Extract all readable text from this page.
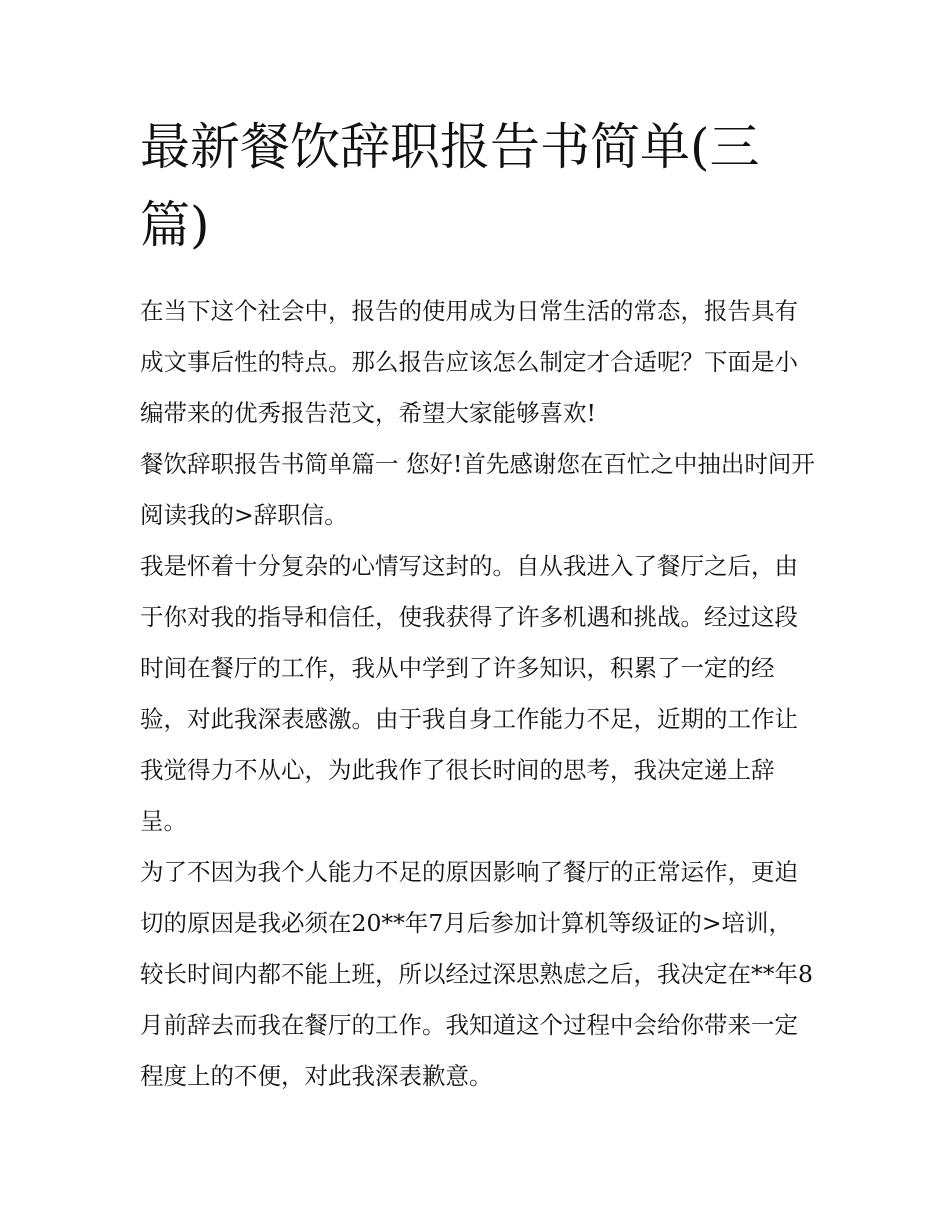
最新餐饮辞职报告书简单(三
篇)

在当下这个社会中，报告的使用成为日常生活的常态，报告具有成文事后性的特点。那么报告应该怎么制定才合适呢？下面是小编带来的优秀报告范文，希望大家能够喜欢!

餐饮辞职报告书简单篇一 您好!首先感谢您在百忙之中抽出时间开阅读我的>辞职信。

我是怀着十分复杂的心情写这封的。自从我进入了餐厅之后，由于你对我的指导和信任，使我获得了许多机遇和挑战。经过这段时间在餐厅的工作，我从中学到了许多知识，积累了一定的经验，对此我深表感激。由于我自身工作能力不足，近期的工作让我觉得力不从心，为此我作了很长时间的思考，我决定递上辞呈。

为了不因为我个人能力不足的原因影响了餐厅的正常运作，更迫切的原因是我必须在20**年7月后参加计算机等级证的>培训，较长时间内都不能上班，所以经过深思熟虑之后，我决定在**年8月前辞去而我在餐厅的工作。我知道这个过程中会给你带来一定程度上的不便，对此我深表歉意。
